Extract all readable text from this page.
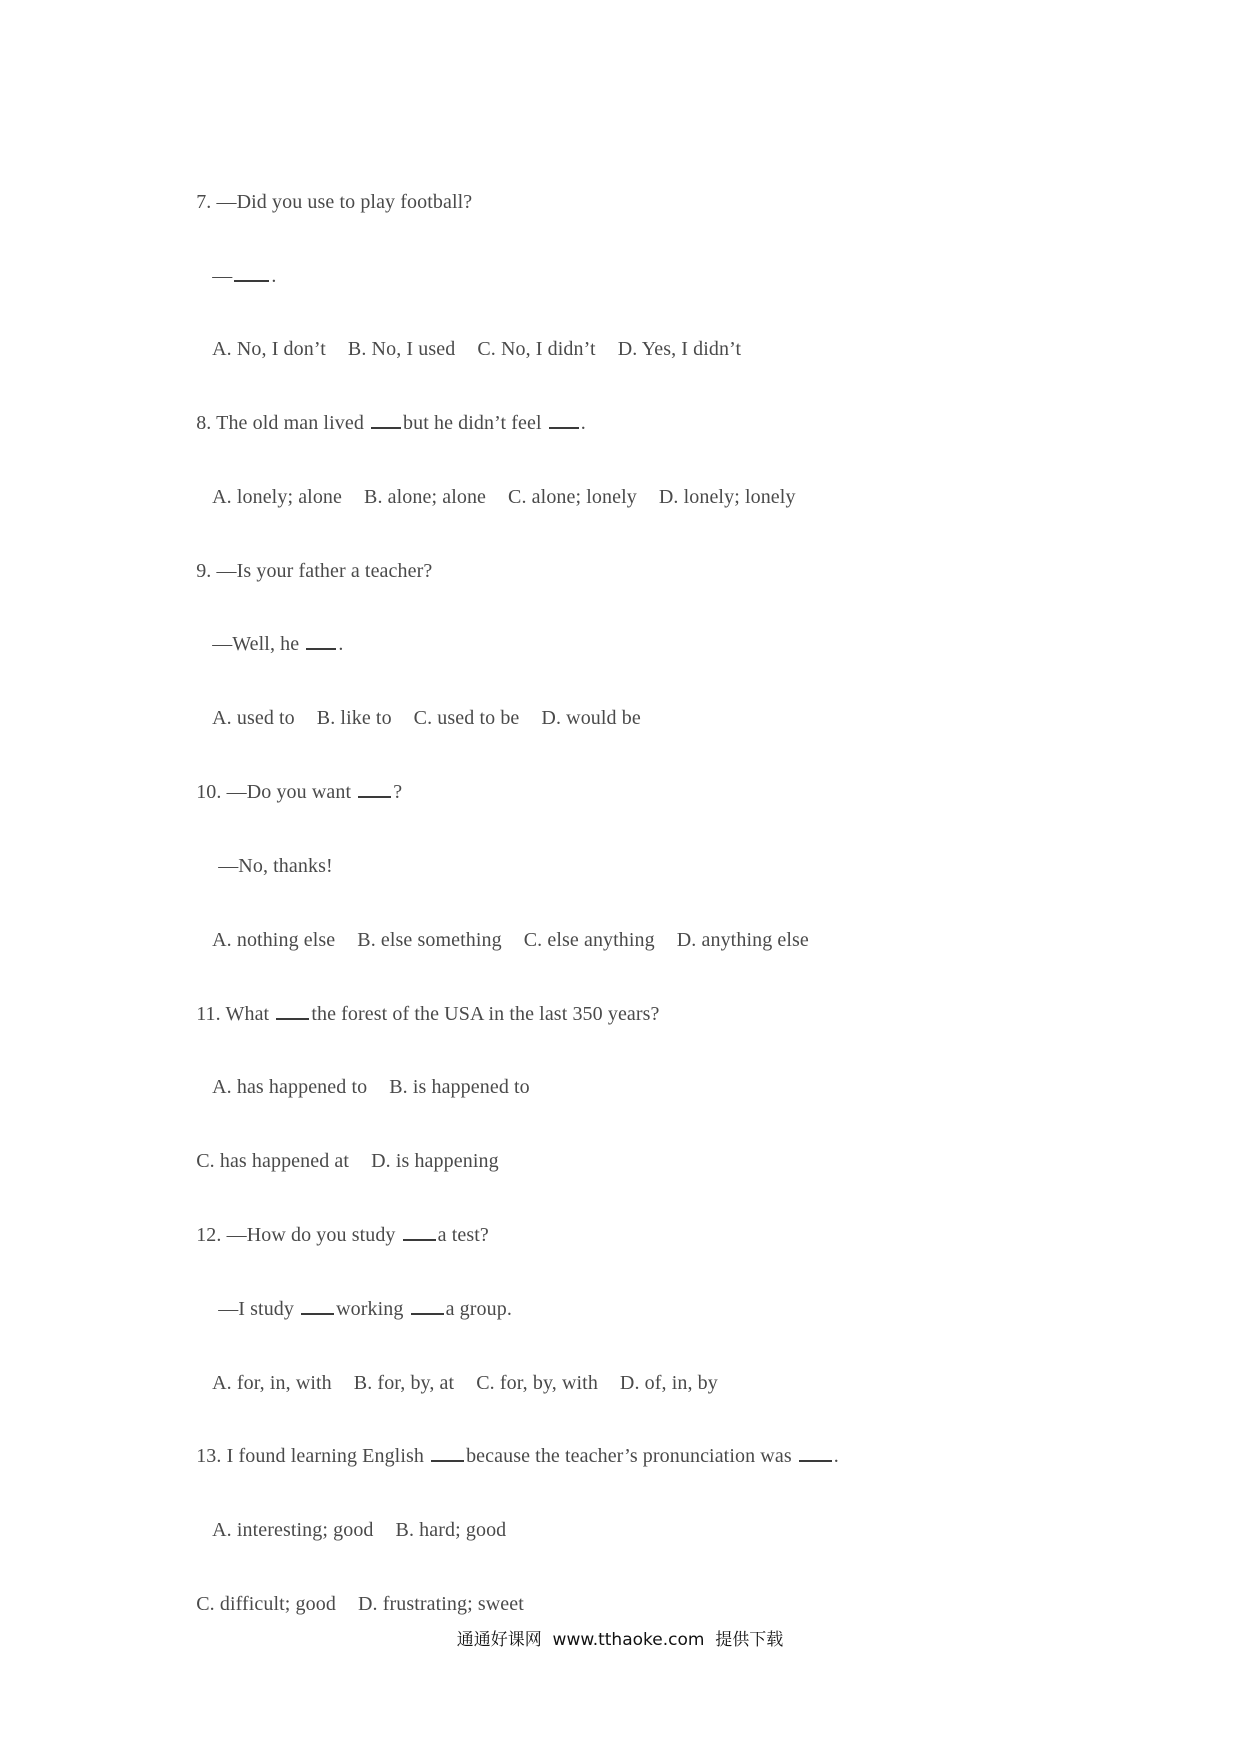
7. —Did you use to play football?

— .

A. No, I don’t B. No, I used C. No, I didn’t D. Yes, I didn’t

8. The old man lived but he didn’t feel .

A. lonely; alone B. alone; alone C. alone; lonely D. lonely; lonely

9. —Is your father a teacher?

—Well, he .

A. used to B. like to C. used to be D. would be

10. —Do you want ?

—No, thanks!

A. nothing else B. else something C. else anything D. anything else

11. What the forest of the USA in the last 350 years?

A. has happened to B. is happened to

C. has happened at D. is happening

12. —How do you study a test?

—I study working a group.

A. for, in, with B. for, by, at C. for, by, with D. of, in, by

13. I found learning English because the teacher’s pronunciation was .

A. interesting; good B. hard; good

C. difficult; good D. frustrating; sweet

通通好课网  www.tthaoke.com  提供下载
